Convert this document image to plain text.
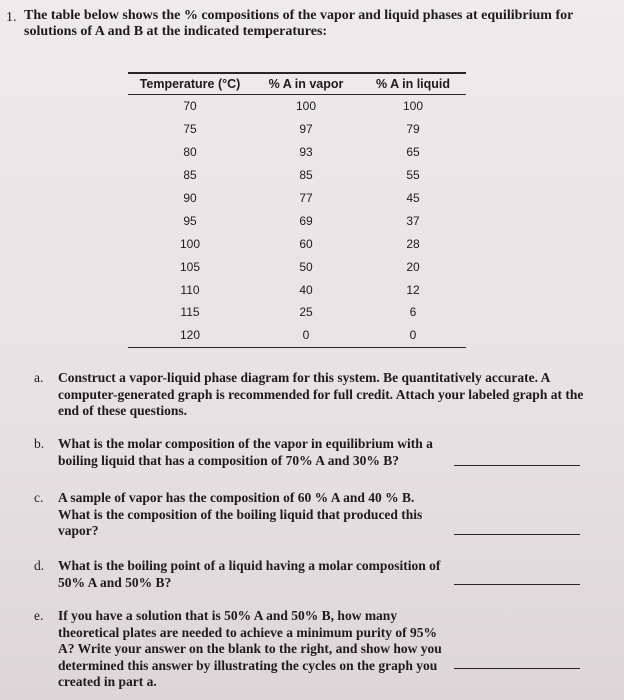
1. The table below shows the % compositions of the vapor and liquid phases at equilibrium for solutions of A and B at the indicated temperatures:
Temperature (°C)	% A in vapor	% A in liquid
70	100	100
75	97	79
80	93	65
85	85	55
90	77	45
95	69	37
100	60	28
105	50	20
110	40	12
115	25	6
120	0	0
a. Construct a vapor-liquid phase diagram for this system. Be quantitatively accurate. A computer-generated graph is recommended for full credit. Attach your labeled graph at the end of these questions.
b. What is the molar composition of the vapor in equilibrium with a boiling liquid that has a composition of 70% A and 30% B?
c. A sample of vapor has the composition of 60 % A and 40 % B. What is the composition of the boiling liquid that produced this vapor?
d. What is the boiling point of a liquid having a molar composition of 50% A and 50% B?
e. If you have a solution that is 50% A and 50% B, how many theoretical plates are needed to achieve a minimum purity of 95% A? Write your answer on the blank to the right, and show how you determined this answer by illustrating the cycles on the graph you created in part a.
